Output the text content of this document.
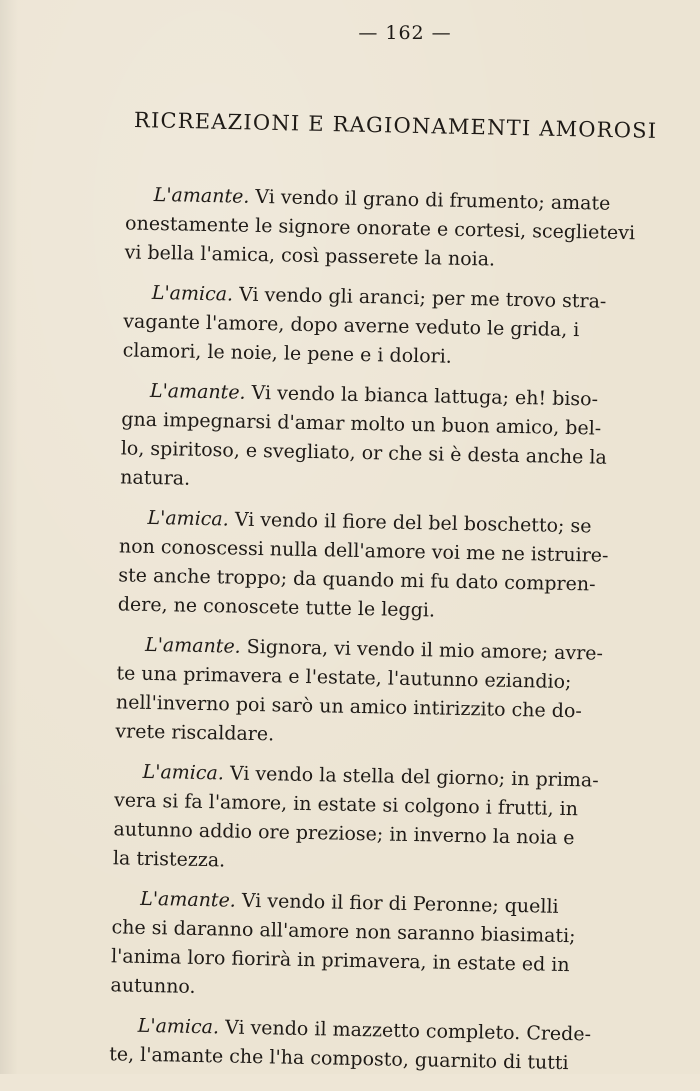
— 162 —
RICREAZIONI E RAGIONAMENTI AMOROSI

L'amante. Vi vendo il grano di frumento; amate
onestamente le signore onorate e cortesi, sceglietevi
vi bella l'amica, così passerete la noia.

L'amica. Vi vendo gli aranci; per me trovo stra-
vagante l'amore, dopo averne veduto le grida, i
clamori, le noie, le pene e i dolori.

L'amante. Vi vendo la bianca lattuga; eh! biso-
gna impegnarsi d'amar molto un buon amico, bel-
lo, spiritoso, e svegliato, or che si è desta anche la
natura.

L'amica. Vi vendo il fiore del bel boschetto; se
non conoscessi nulla dell'amore voi me ne istruire-
ste anche troppo; da quando mi fu dato compren-
dere, ne conoscete tutte le leggi.

L'amante. Signora, vi vendo il mio amore; avre-
te una primavera e l'estate, l'autunno eziandio;
nell'inverno poi sarò un amico intirizzito che do-
vrete riscaldare.

L'amica. Vi vendo la stella del giorno; in prima-
vera si fa l'amore, in estate si colgono i frutti, in
autunno addio ore preziose; in inverno la noia e
la tristezza.

L'amante. Vi vendo il fior di Peronne; quelli
che si daranno all'amore non saranno biasimati;
l'anima loro fiorirà in primavera, in estate ed in
autunno.

L'amica. Vi vendo il mazzetto completo. Crede-
te, l'amante che l'ha composto, guarnito di tutti
